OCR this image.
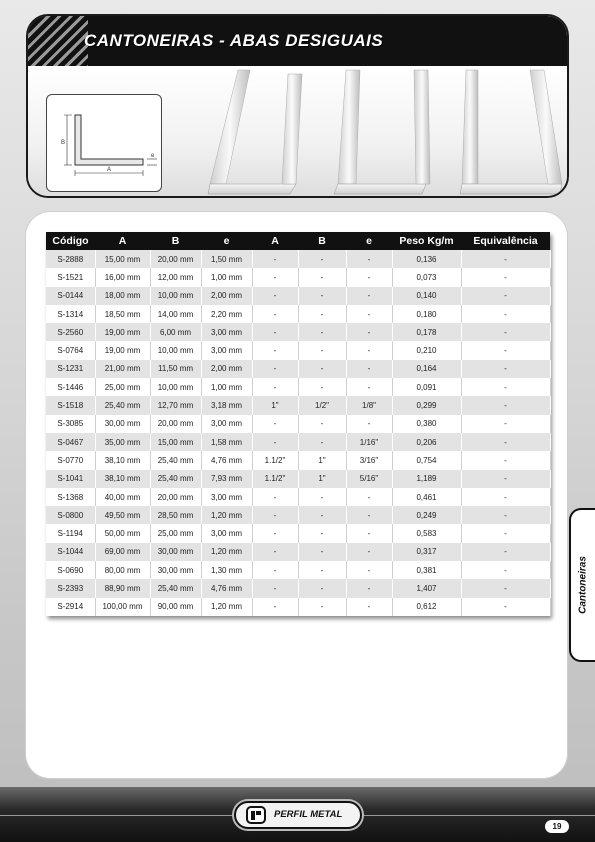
CANTONEIRAS - ABAS DESIGUAIS
B
A
e
Código	A	B	e	A	B	e	Peso Kg/m	Equivalência
S-2888	15,00 mm	20,00 mm	1,50 mm	-	-	-	0,136	-
S-1521	16,00 mm	12,00 mm	1,00 mm	-	-	-	0,073	-
S-0144	18,00 mm	10,00 mm	2,00 mm	-	-	-	0,140	-
S-1314	18,50 mm	14,00 mm	2,20 mm	-	-	-	0,180	-
S-2560	19,00 mm	6,00 mm	3,00 mm	-	-	-	0,178	-
S-0764	19,00 mm	10,00 mm	3,00 mm	-	-	-	0,210	-
S-1231	21,00 mm	11,50 mm	2,00 mm	-	-	-	0,164	-
S-1446	25,00 mm	10,00 mm	1,00 mm	-	-	-	0,091	-
S-1518	25,40 mm	12,70 mm	3,18 mm	1"	1/2"	1/8"	0,299	-
S-3085	30,00 mm	20,00 mm	3,00 mm	-	-	-	0,380	-
S-0467	35,00 mm	15,00 mm	1,58 mm	-	-	1/16"	0,206	-
S-0770	38,10 mm	25,40 mm	4,76 mm	1.1/2"	1"	3/16"	0,754	-
S-1041	38,10 mm	25,40 mm	7,93 mm	1.1/2"	1"	5/16"	1,189	-
S-1368	40,00 mm	20,00 mm	3,00 mm	-	-	-	0,461	-
S-0800	49,50 mm	28,50 mm	1,20 mm	-	-	-	0,249	-
S-1194	50,00 mm	25,00 mm	3,00 mm	-	-	-	0,583	-
S-1044	69,00 mm	30,00 mm	1,20 mm	-	-	-	0,317	-
S-0690	80,00 mm	30,00 mm	1,30 mm	-	-	-	0,381	-
S-2393	88,90 mm	25,40 mm	4,76 mm	-	-	-	1,407	-
S-2914	100,00 mm	90,00 mm	1,20 mm	-	-	-	0,612	-	Cantoneiras
PERFIL METAL
19
